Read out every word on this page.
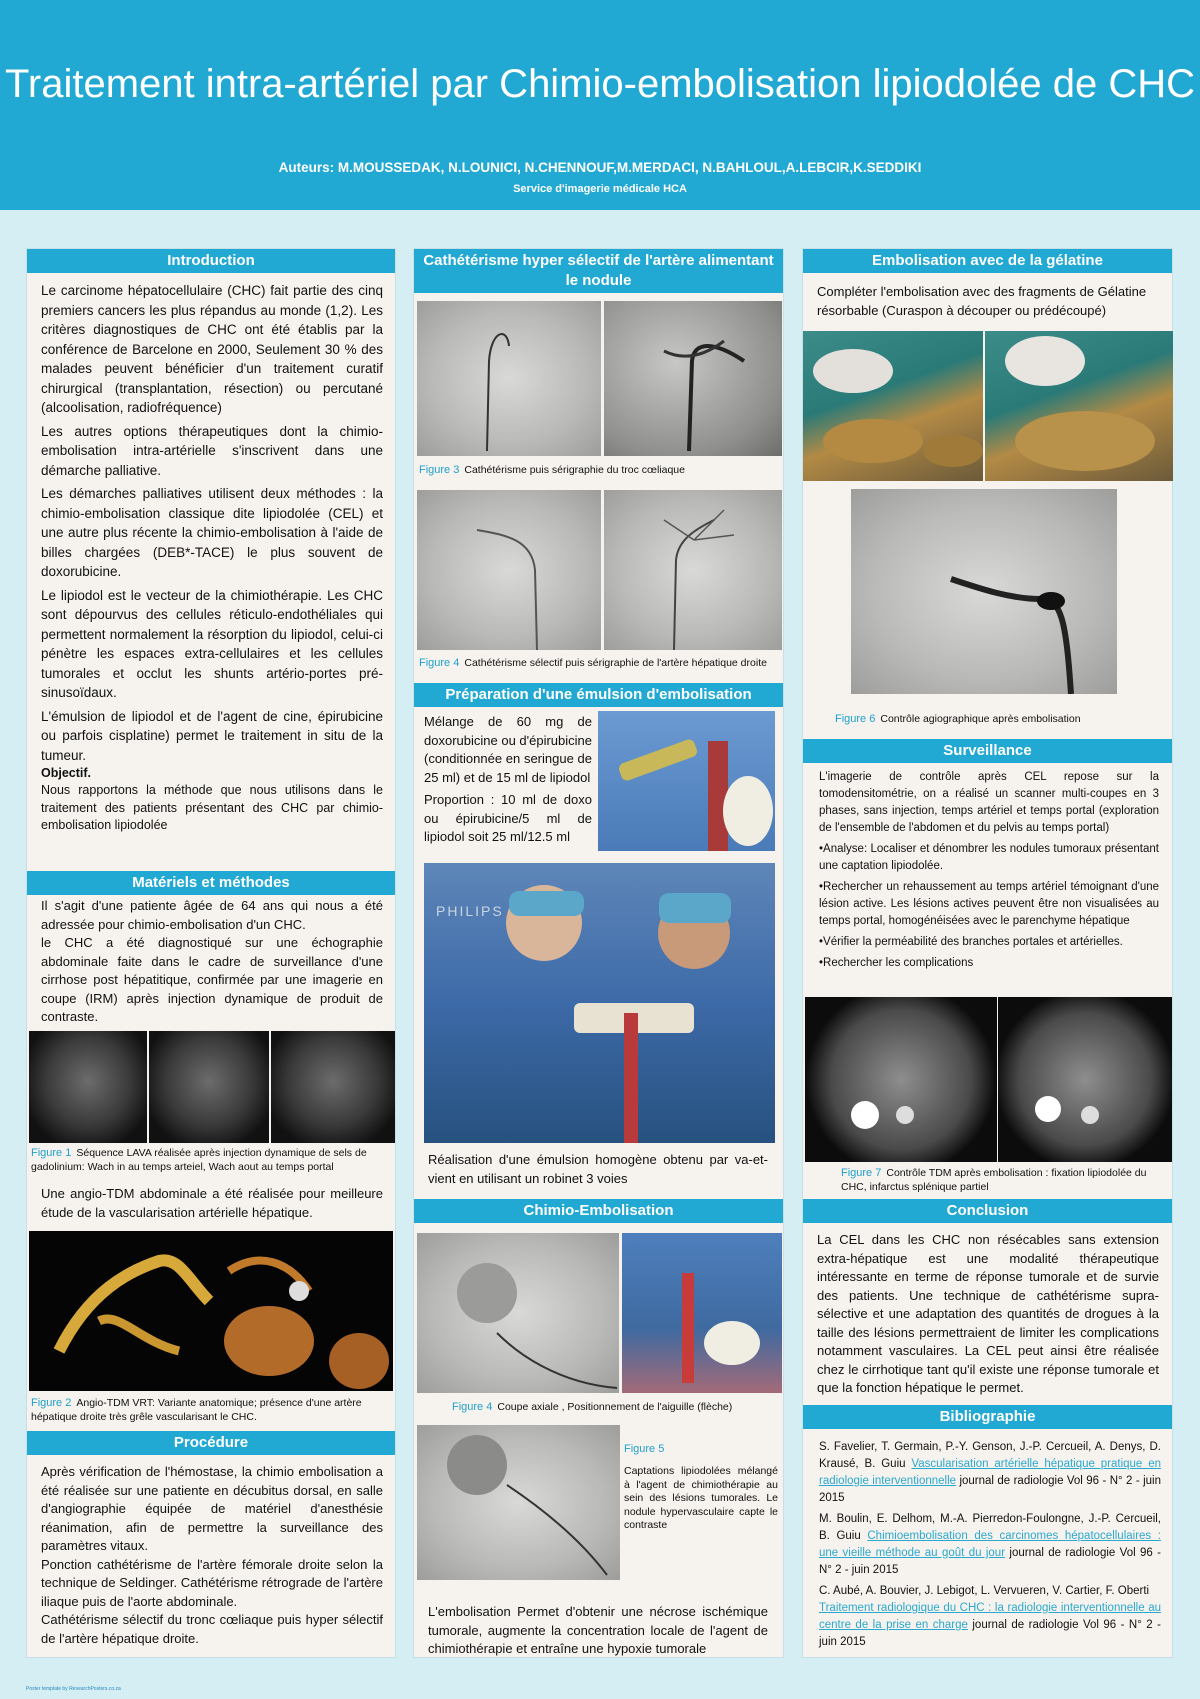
Traitement intra-artériel par Chimio-embolisation lipiodolée de CHC
Auteurs: M.MOUSSEDAK, N.LOUNICI, N.CHENNOUF,M.MERDACI, N.BAHLOUL,A.LEBCIR,K.SEDDIKI
Service d'imagerie médicale HCA
Introduction

Le carcinome hépatocellulaire (CHC) fait partie des cinq premiers cancers les plus répandus au monde (1,2). Les critères diagnostiques de CHC ont été établis par la conférence de Barcelone en 2000, Seulement 30 % des malades peuvent bénéficier d'un traitement curatif chirurgical (transplantation, résection) ou percutané (alcoolisation, radiofréquence)

Les autres options thérapeutiques dont la chimio-embolisation intra-artérielle s'inscrivent dans une démarche palliative.

Les démarches palliatives utilisent deux méthodes : la chimio-embolisation classique dite lipiodolée (CEL) et une autre plus récente la chimio-embolisation à l'aide de billes chargées (DEB*-TACE) le plus souvent de doxorubicine.

Le lipiodol est le vecteur de la chimiothérapie. Les CHC sont dépourvus des cellules réticulo-endothéliales qui permettent normalement la résorption du lipiodol, celui-ci pénètre les espaces extra-cellulaires et les cellules tumorales et occlut les shunts artério-portes pré-sinusoïdaux.

L'émulsion de lipiodol et de l'agent de cine, épirubicine ou parfois cisplatine) permet le traitement in situ de la tumeur.

Objectif.
Nous rapportons la méthode que nous utilisons dans le traitement des patients présentant des CHC par chimio-embolisation lipiodolée
Matériels et méthodes
Il s'agit d'une patiente âgée de 64 ans qui nous a été adressée pour chimio-embolisation d'un CHC.
le CHC a été diagnostiqué sur une échographie abdominale faite dans le cadre de surveillance d'une cirrhose post hépatitique, confirmée par une imagerie en coupe (IRM) après injection dynamique de produit de contraste.
Figure 1 Séquence LAVA réalisée après injection dynamique de sels de gadolinium: Wach in au temps arteiel, Wach aout au temps portal
Une angio-TDM abdominale a été réalisée pour meilleure étude de la vascularisation artérielle hépatique.
Figure 2 Angio-TDM VRT: Variante anatomique; présence d'une artère hépatique droite très grêle vascularisant le CHC.
Procédure
Après vérification de l'hémostase, la chimio embolisation a été réalisée sur une patiente en décubitus dorsal, en salle d'angiographie équipée de matériel d'anesthésie réanimation, afin de permettre la surveillance des paramètres vitaux.
Ponction cathétérisme de l'artère fémorale droite selon la technique de Seldinger. Cathétérisme rétrograde de l'artère iliaque puis de l'aorte abdominale.
Cathétérisme sélectif du tronc cœliaque puis hyper sélectif de l'artère hépatique droite.
Cathétérisme hyper sélectif de l'artère alimentant le nodule
Figure 3 Cathétérisme puis sérigraphie du troc cœliaque
Figure 4 Cathétérisme sélectif puis sérigraphie de l'artère hépatique droite
Préparation d'une émulsion d'embolisation

Mélange de 60 mg de doxorubicine ou d'épirubicine (conditionnée en seringue de 25 ml) et de 15 ml de lipiodol

Proportion : 10 ml de doxo ou épirubicine/5 ml de lipiodol soit 25 ml/12.5 ml

PHILIPS
Réalisation d'une émulsion homogène obtenu par va-et-vient en utilisant un robinet 3 voies
Chimio-Embolisation
Figure 4 Coupe axiale , Positionnement de l'aiguille (flèche)
Figure 5
Captations lipiodolées mélangé à l'agent de chimiothérapie au sein des lésions tumorales. Le nodule hypervasculaire capte le contraste
L'embolisation Permet d'obtenir une nécrose ischémique tumorale, augmente la concentration locale de l'agent de chimiothérapie et entraîne une hypoxie tumorale
Embolisation avec de la gélatine
Compléter l'embolisation avec des fragments de Gélatine résorbable (Curaspon à découper ou prédécoupé)
Figure 6 Contrôle agiographique après embolisation
Surveillance

L'imagerie de contrôle après CEL repose sur la tomodensitométrie, on a réalisé un scanner multi-coupes en 3 phases, sans injection, temps artériel et temps portal (exploration de l'ensemble de l'abdomen et du pelvis au temps portal)

•Analyse: Localiser et dénombrer les nodules tumoraux présentant une captation lipiodolée.

•Rechercher un rehaussement au temps artériel témoignant d'une lésion active. Les lésions actives peuvent être non visualisées au temps portal, homogénéisées avec le parenchyme hépatique

•Vérifier la perméabilité des branches portales et artérielles.

•Rechercher les complications

Figure 7 Contrôle TDM après embolisation : fixation lipiodolée du CHC, infarctus splénique partiel
Conclusion
La CEL dans les CHC non résécables sans extension extra-hépatique est une modalité thérapeutique intéressante en terme de réponse tumorale et de survie des patients. Une technique de cathétérisme supra-sélective et une adaptation des quantités de drogues à la taille des lésions permettraient de limiter les complications notamment vasculaires. La CEL peut ainsi être réalisée chez le cirrhotique tant qu'il existe une réponse tumorale et que la fonction hépatique le permet.
Bibliographie

S. Favelier, T. Germain, P.-Y. Genson, J.-P. Cercueil, A. Denys, D. Krausé, B. Guiu Vascularisation artérielle hépatique pratique en radiologie interventionnelle journal de radiologie Vol 96 - N° 2 - juin 2015

M. Boulin, E. Delhom, M.-A. Pierredon-Foulongne, J.-P. Cercueil, B. Guiu Chimioembolisation des carcinomes hépatocellulaires : une vieille méthode au goût du jour journal de radiologie Vol 96 - N° 2 - juin 2015

C. Aubé, A. Bouvier, J. Lebigot, L. Vervueren, V. Cartier, F. Oberti
Traitement radiologique du CHC : la radiologie interventionnelle au centre de la prise en charge journal de radiologie Vol 96 - N° 2 - juin 2015

Poster template by ResearchPosters.co.za
